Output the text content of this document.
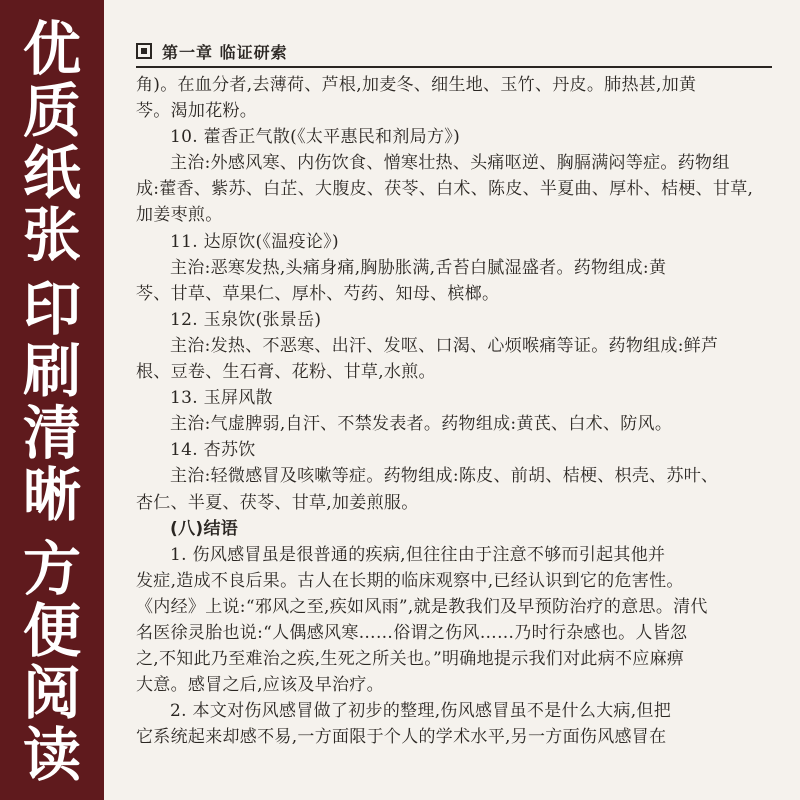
优
质
纸
张
印
刷
清
晰
方
便
阅
读
第一章 临证研索
角)。在血分者,去薄荷、芦根,加麦冬、细生地、玉竹、丹皮。肺热甚,加黄
芩。渴加花粉。
10. 藿香正气散(《太平惠民和剂局方》)
主治:外感风寒、内伤饮食、憎寒壮热、头痛呕逆、胸膈满闷等症。药物组
成:藿香、紫苏、白芷、大腹皮、茯苓、白术、陈皮、半夏曲、厚朴、桔梗、甘草,
加姜枣煎。
11. 达原饮(《温疫论》)
主治:恶寒发热,头痛身痛,胸胁胀满,舌苔白腻湿盛者。药物组成:黄
芩、甘草、草果仁、厚朴、芍药、知母、槟榔。
12. 玉泉饮(张景岳)
主治:发热、不恶寒、出汗、发呕、口渴、心烦喉痛等证。药物组成:鲜芦
根、豆卷、生石膏、花粉、甘草,水煎。
13. 玉屏风散
主治:气虚脾弱,自汗、不禁发表者。药物组成:黄芪、白术、防风。
14. 杏苏饮
主治:轻微感冒及咳嗽等症。药物组成:陈皮、前胡、桔梗、枳壳、苏叶、
杏仁、半夏、茯苓、甘草,加姜煎服。
(八)结语
1. 伤风感冒虽是很普通的疾病,但往往由于注意不够而引起其他并
发症,造成不良后果。古人在长期的临床观察中,已经认识到它的危害性。
《内经》上说:“邪风之至,疾如风雨”,就是教我们及早预防治疗的意思。清代
名医徐灵胎也说:“人偶感风寒……俗谓之伤风……乃时行杂感也。人皆忽
之,不知此乃至难治之疾,生死之所关也。”明确地提示我们对此病不应麻痹
大意。感冒之后,应该及早治疗。
2. 本文对伤风感冒做了初步的整理,伤风感冒虽不是什么大病,但把
它系统起来却感不易,一方面限于个人的学术水平,另一方面伤风感冒在
